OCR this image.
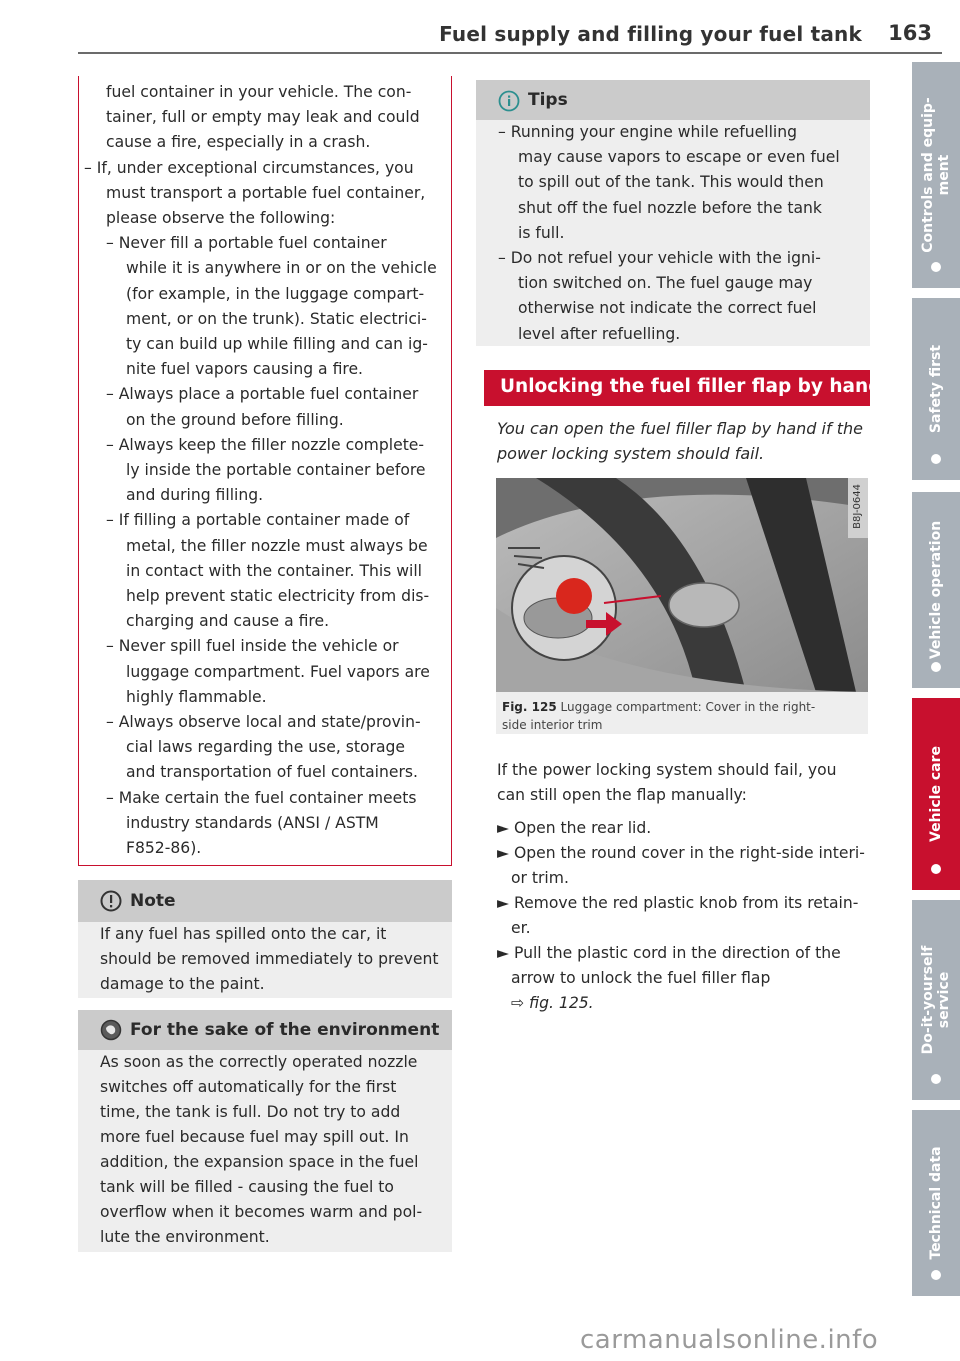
Fuel supply and filling your fuel tank 163
fuel container in your vehicle. The con-
tainer, full or empty may leak and could
cause a fire, especially in a crash.
– If, under exceptional circumstances, you
must transport a portable fuel container,
please observe the following:
– Never fill a portable fuel container
while it is anywhere in or on the vehicle
(for example, in the luggage compart-
ment, or on the trunk). Static electrici-
ty can build up while filling and can ig-
nite fuel vapors causing a fire.
– Always place a portable fuel container
on the ground before filling.
– Always keep the filler nozzle complete-
ly inside the portable container before
and during filling.
– If filling a portable container made of
metal, the filler nozzle must always be
in contact with the container. This will
help prevent static electricity from dis-
charging and cause a fire.
– Never spill fuel inside the vehicle or
luggage compartment. Fuel vapors are
highly flammable.
– Always observe local and state/provin-
cial laws regarding the use, storage
and transportation of fuel containers.
– Make certain the fuel container meets
industry standards (ANSI / ASTM
F852-86).
Note
If any fuel has spilled onto the car, it
should be removed immediately to prevent
damage to the paint.
For the sake of the environment
As soon as the correctly operated nozzle
switches off automatically for the first
time, the tank is full. Do not try to add
more fuel because fuel may spill out. In
addition, the expansion space in the fuel
tank will be filled - causing the fuel to
overflow when it becomes warm and pol-
lute the environment.
Tips
– Running your engine while refuelling
may cause vapors to escape or even fuel
to spill out of the tank. This would then
shut off the fuel nozzle before the tank
is full.
– Do not refuel your vehicle with the igni-
tion switched on. The fuel gauge may
otherwise not indicate the correct fuel
level after refuelling.
Unlocking the fuel filler flap by hand
You can open the fuel filler flap by hand if the
power locking system should fail.
B8J-0644
Fig. 125 Luggage compartment: Cover in the right-
side interior trim
If the power locking system should fail, you
can still open the flap manually:
► Open the rear lid.
► Open the round cover in the right-side interi-
or trim.
► Remove the red plastic knob from its retain-
er.
► Pull the plastic cord in the direction of the
arrow to unlock the fuel filler flap
⇨ fig. 125.
Controls and equip-
ment
Safety first
Vehicle operation
Vehicle care
Do-it-yourself
service
Technical data
carmanualsonline.info
